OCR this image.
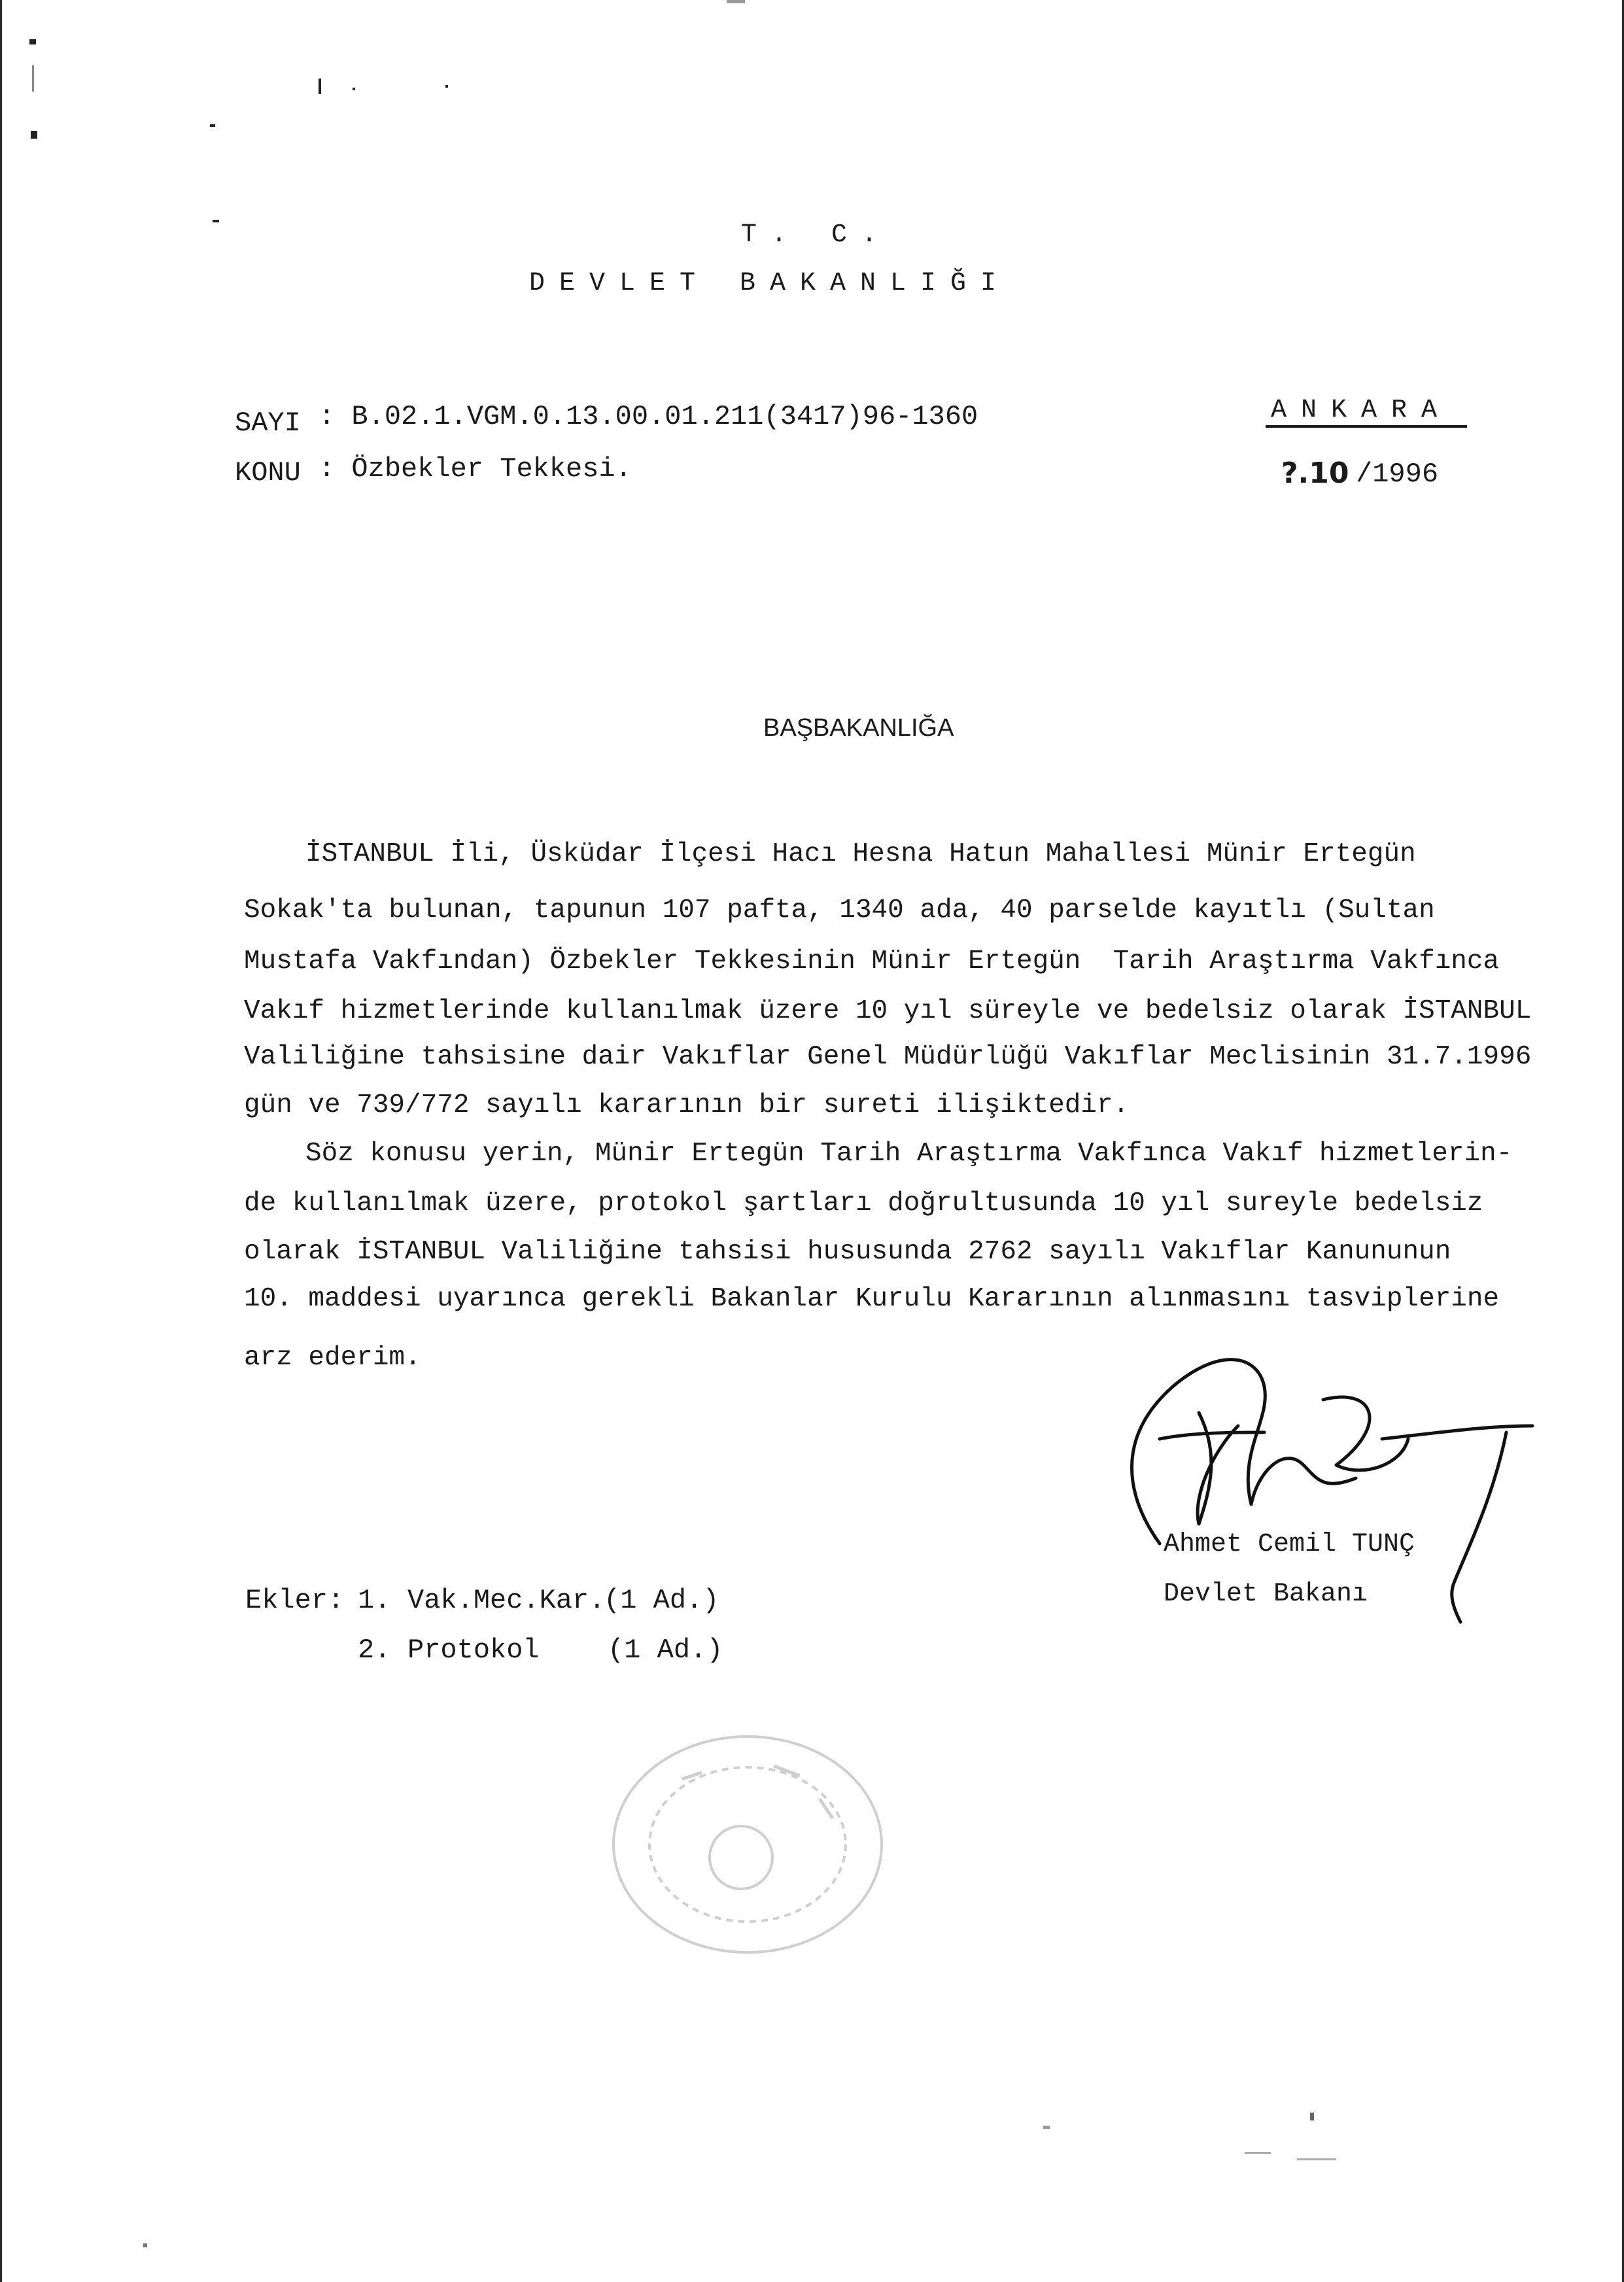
T. C.
DEVLET BAKANLIĞI
SAYI : B.02.1.VGM.0.13.00.01.211(3417)96-1360
KONU : Özbekler Tekkesi.
ANKARA
?.10 /1996
BAŞBAKANLIĞA
İSTANBUL İli, Üsküdar İlçesi Hacı Hesna Hatun Mahallesi Münir Ertegün
Sokak'ta bulunan, tapunun 107 pafta, 1340 ada, 40 parselde kayıtlı (Sultan
Mustafa Vakfından) Özbekler Tekkesinin Münir Ertegün  Tarih Araştırma Vakfınca
Vakıf hizmetlerinde kullanılmak üzere 10 yıl süreyle ve bedelsiz olarak İSTANBUL
Valiliğine tahsisine dair Vakıflar Genel Müdürlüğü Vakıflar Meclisinin 31.7.1996
gün ve 739/772 sayılı kararının bir sureti ilişiktedir.
Söz konusu yerin, Münir Ertegün Tarih Araştırma Vakfınca Vakıf hizmetlerin-
de kullanılmak üzere, protokol şartları doğrultusunda 10 yıl sureyle bedelsiz
olarak İSTANBUL Valiliğine tahsisi hususunda 2762 sayılı Vakıflar Kanununun
10. maddesi uyarınca gerekli Bakanlar Kurulu Kararının alınmasını tasviplerine
arz ederim.
Ahmet Cemil TUNÇ
Devlet Bakanı
Ekler: 1. Vak.Mec.Kar.
(1 Ad.)
2. Protokol (1 Ad.)
